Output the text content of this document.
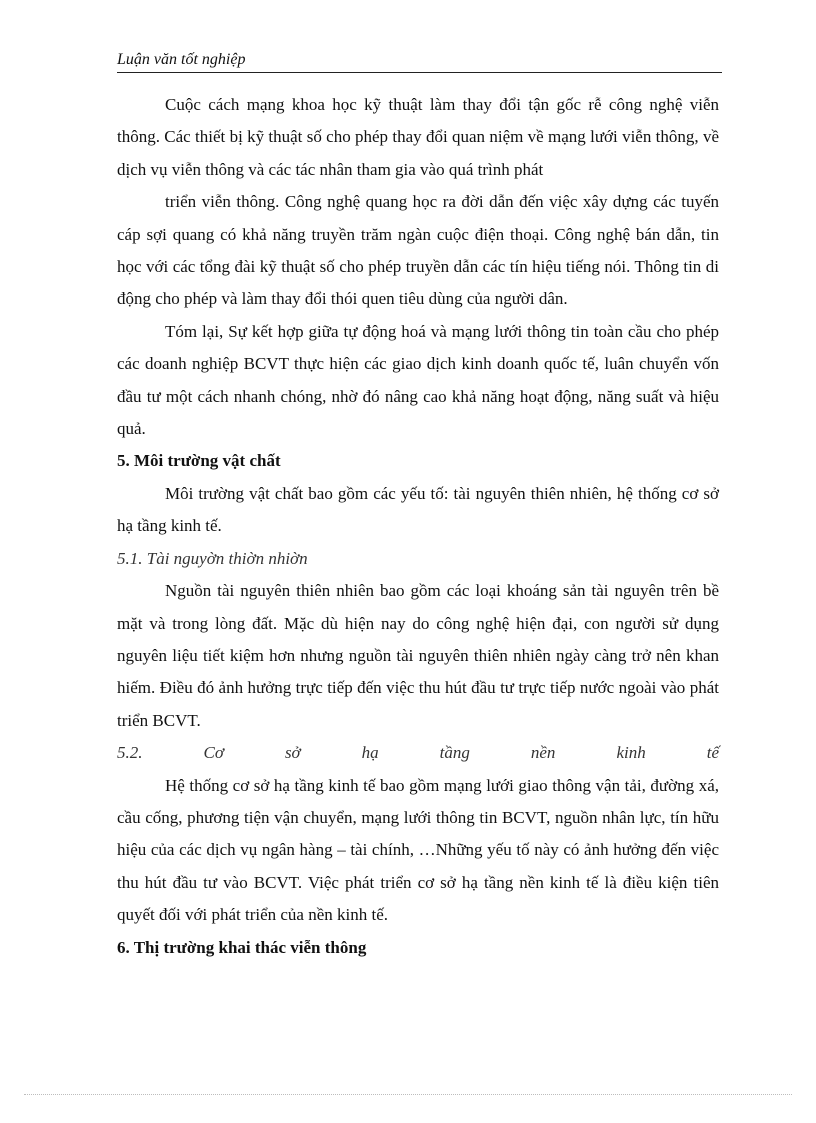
Luận văn tốt nghiệp

Cuộc cách mạng khoa học kỹ thuật làm thay đổi tận gốc rễ công nghệ viễn thông. Các thiết bị kỹ thuật số cho phép thay đổi quan niệm về mạng lưới viễn thông, về dịch vụ viễn thông và các tác nhân tham gia vào quá trình phát

triển viễn thông. Công nghệ quang học ra đời dẫn đến việc xây dựng các tuyến cáp sợi quang có khả năng truyền trăm ngàn cuộc điện thoại. Công nghệ bán dẫn, tin học với các tổng đài kỹ thuật số cho phép truyền dẫn các tín hiệu tiếng nói. Thông tin di động cho phép và làm thay đổi thói quen tiêu dùng của người dân.

Tóm lại, Sự kết hợp giữa tự động hoá và mạng lưới thông tin toàn cầu cho phép các doanh nghiệp BCVT thực hiện các giao dịch kinh doanh quốc tế, luân chuyển vốn đầu tư một cách nhanh chóng, nhờ đó nâng cao khả năng hoạt động, năng suất và hiệu quả.

5. Môi trường vật chất

Môi trường vật chất bao gồm các yếu tố: tài nguyên thiên nhiên, hệ thống cơ sở hạ tầng kinh tế.

5.1. Tài nguyờn thiờn nhiờn

Nguồn tài nguyên thiên nhiên bao gồm các loại khoáng sản tài nguyên trên bề mặt và trong lòng đất. Mặc dù hiện nay do công nghệ hiện đại, con người sử dụng nguyên liệu tiết kiệm hơn nhưng nguồn tài nguyên thiên nhiên ngày càng trở nên khan hiếm. Điều đó ảnh hưởng trực tiếp đến việc thu hút đầu tư trực tiếp nước ngoài vào phát triển BCVT.

5.2. Cơ sở hạ tầng nền kinh tế

Hệ thống cơ sở hạ tầng kinh tế bao gồm mạng lưới giao thông vận tải, đường xá, cầu cống, phương tiện vận chuyển, mạng lưới thông tin BCVT, nguồn nhân lực, tín hữu hiệu của các dịch vụ ngân hàng – tài chính, …Những yếu tố này có ảnh hưởng đến việc thu hút đầu tư vào BCVT. Việc phát triển cơ sở hạ tầng nền kinh tế là điều kiện tiên quyết đối với phát triển của nền kinh tế.

6. Thị trường khai thác viễn thông
